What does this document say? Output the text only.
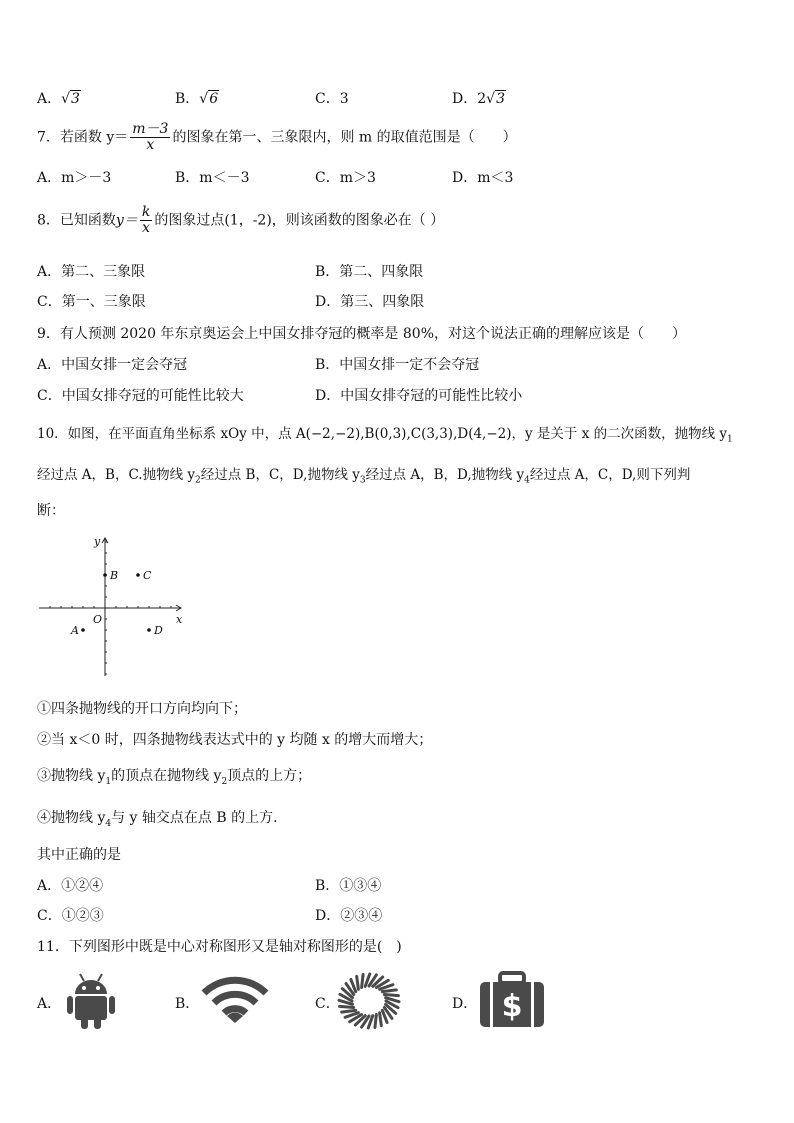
A．√3	B．√6	C．3	D．2√3
7．若函数 $y= \frac{m-3}{x}$ 的图象在第一、三象限内，则 m 的取值范围是（　　）
A．m＞－3	B．m＜－3	C．m＞3	D．m＜3
8．已知函数$y= \frac{k}{x}$ 的图象过点(1，-2)，则该函数的图象必在（ ）
A．第二、三象限	B．第二、四象限
C．第一、三象限	D．第三、四象限
9．有人预测 2020 年东京奥运会上中国女排夺冠的概率是 80%，对这个说法正确的理解应该是（　　）
A．中国女排一定会夺冠	B．中国女排一定不会夺冠
C．中国女排夺冠的可能性比较大	D．中国女排夺冠的可能性比较小
10．如图，在平面直角坐标系 xOy 中，点 A(−2,−2),B(0,3),C(3,3),D(4,−2)，y 是关于 x 的二次函数，抛物线 $y_1$
经过点 A，B，C.抛物线 $y_2$经过点 B，C，D,抛物线 $y_3$经过点 A，B，D,抛物线 $y_4$经过点 A，C，D,则下列判
断：
x
y
O
A
B C
D
①四条抛物线的开口方向均向下；
②当 x＜0 时，四条抛物线表达式中的 y 均随 x 的增大而增大；
③抛物线 $y_1$的顶点在抛物线 $y_2$顶点的上方；
④抛物线 $y_4$与 y 轴交点在点 B 的上方.
其中正确的是
A．①②④	B．①③④
C．①②③	D．②③④
11．下列图形中既是中心对称图形又是轴对称图形的是(　)
A．	B．	C．	D． $
